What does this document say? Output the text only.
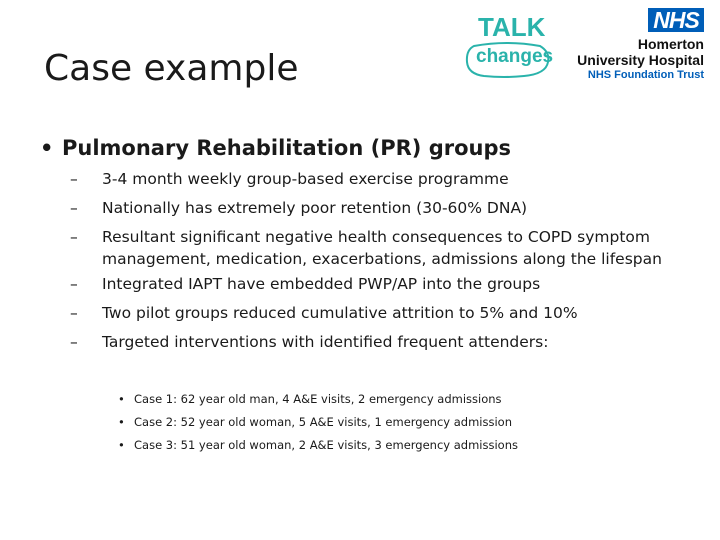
Case example
TALK
changes
NHS
Homerton
University Hospital
NHS Foundation Trust
• Pulmonary Rehabilitation (PR) groups
– 3-4 month weekly group-based exercise programme
– Nationally has extremely poor retention (30-60% DNA)
– Resultant significant negative health consequences to COPD symptom management, medication, exacerbations, admissions along the lifespan
– Integrated IAPT have embedded PWP/AP into the groups
– Two pilot groups reduced cumulative attrition to 5% and 10%
– Targeted interventions with identified frequent attenders:
• Case 1: 62 year old man, 4 A&E visits, 2 emergency admissions
• Case 2: 52 year old woman, 5 A&E visits, 1 emergency admission
• Case 3: 51 year old woman, 2 A&E visits, 3 emergency admissions
